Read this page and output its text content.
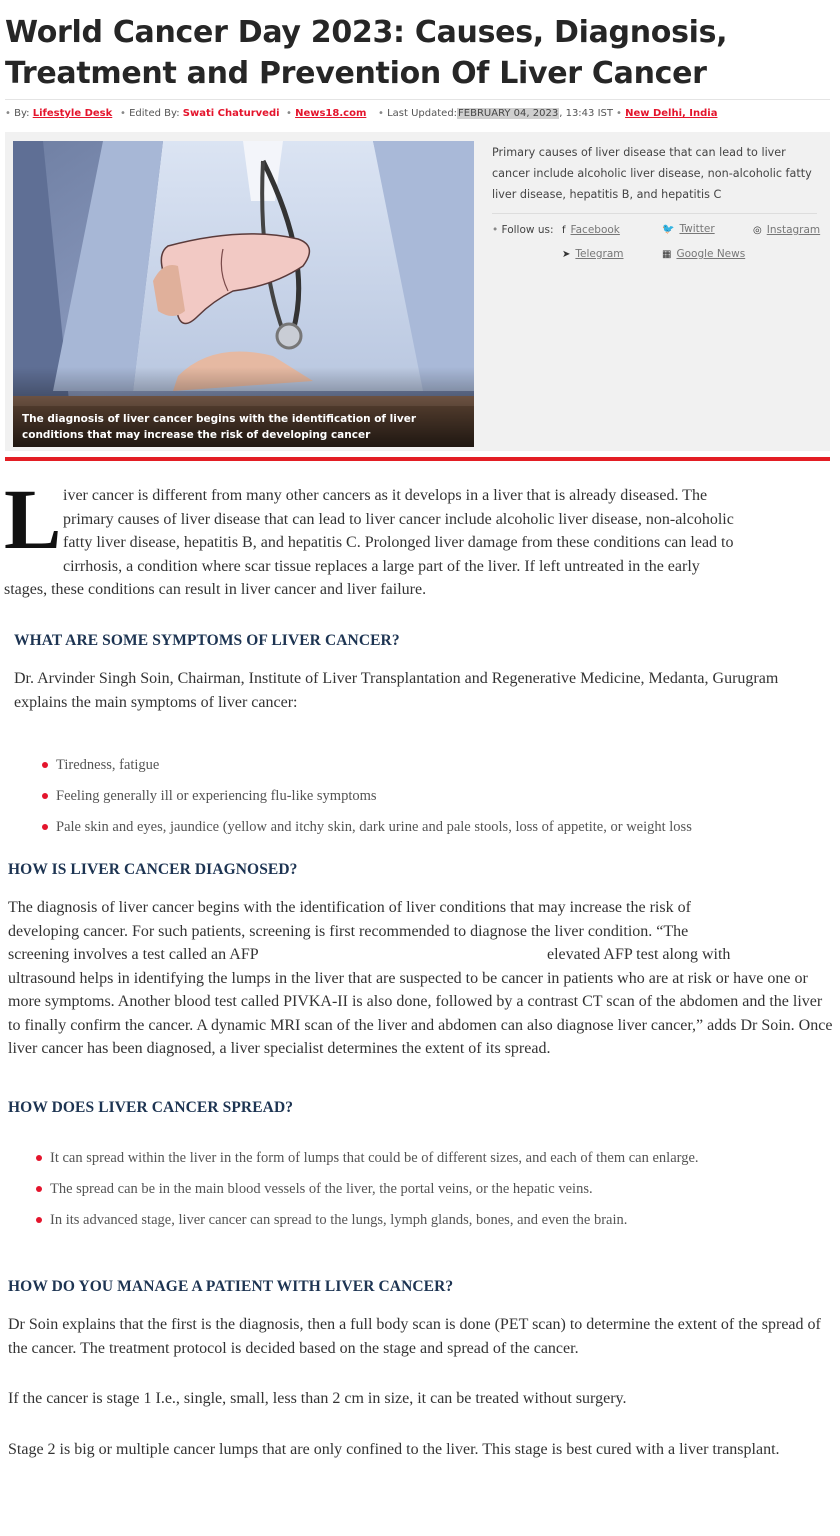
World Cancer Day 2023: Causes, Diagnosis, Treatment and Prevention Of Liver Cancer
• By: Lifestyle Desk • Edited By: Swati Chaturvedi • News18.com • Last Updated:FEBRUARY 04, 2023, 13:43 IST • New Delhi, India
The diagnosis of liver cancer begins with the identification of liver conditions that may increase the risk of developing cancer

Primary causes of liver disease that can lead to liver cancer include alcoholic liver disease, non-alcoholic fatty liver disease, hepatitis B, and hepatitis C

• Follow us: f Facebook	🐦 Twitter	◎ Instagram
➤ Telegram	▦ Google News
L iver cancer is different from many other cancers as it develops in a liver that is already diseased. The
primary causes of liver disease that can lead to liver cancer include alcoholic liver disease, non-alcoholic
fatty liver disease, hepatitis B, and hepatitis C. Prolonged liver damage from these conditions can lead to
cirrhosis, a condition where scar tissue replaces a large part of the liver. If left untreated in the early
stages, these conditions can result in liver cancer and liver failure.

WHAT ARE SOME SYMPTOMS OF LIVER CANCER?

Dr. Arvinder Singh Soin, Chairman, Institute of Liver Transplantation and Regenerative Medicine, Medanta, Gurugram explains the main symptoms of liver cancer:

Tiredness, fatigue
Feeling generally ill or experiencing flu-like symptoms
Pale skin and eyes, jaundice (yellow and itchy skin, dark urine and pale stools, loss of appetite, or weight loss
HOW IS LIVER CANCER DIAGNOSED?
The diagnosis of liver cancer begins with the identification of liver conditions that may increase the risk of
developing cancer. For such patients, screening is first recommended to diagnose the liver condition. “The
screening involves a test called an AFP	elevated AFP test along with
ultrasound helps in identifying the lumps in the liver that are suspected to be cancer in patients who are at risk or have one or more symptoms. Another blood test called PIVKA-II is also done, followed by a contrast CT scan of the abdomen and the liver to finally confirm the cancer. A dynamic MRI scan of the liver and abdomen can also diagnose liver cancer,” adds Dr Soin. Once liver cancer has been diagnosed, a liver specialist determines the extent of its spread.
HOW DOES LIVER CANCER SPREAD?
It can spread within the liver in the form of lumps that could be of different sizes, and each of them can enlarge.
The spread can be in the main blood vessels of the liver, the portal veins, or the hepatic veins.
In its advanced stage, liver cancer can spread to the lungs, lymph glands, bones, and even the brain.
HOW DO YOU MANAGE A PATIENT WITH LIVER CANCER?

Dr Soin explains that the first is the diagnosis, then a full body scan is done (PET scan) to determine the extent of the spread of the cancer. The treatment protocol is decided based on the stage and spread of the cancer.

If the cancer is stage 1 I.e., single, small, less than 2 cm in size, it can be treated without surgery.

Stage 2 is big or multiple cancer lumps that are only confined to the liver. This stage is best cured with a liver transplant.
